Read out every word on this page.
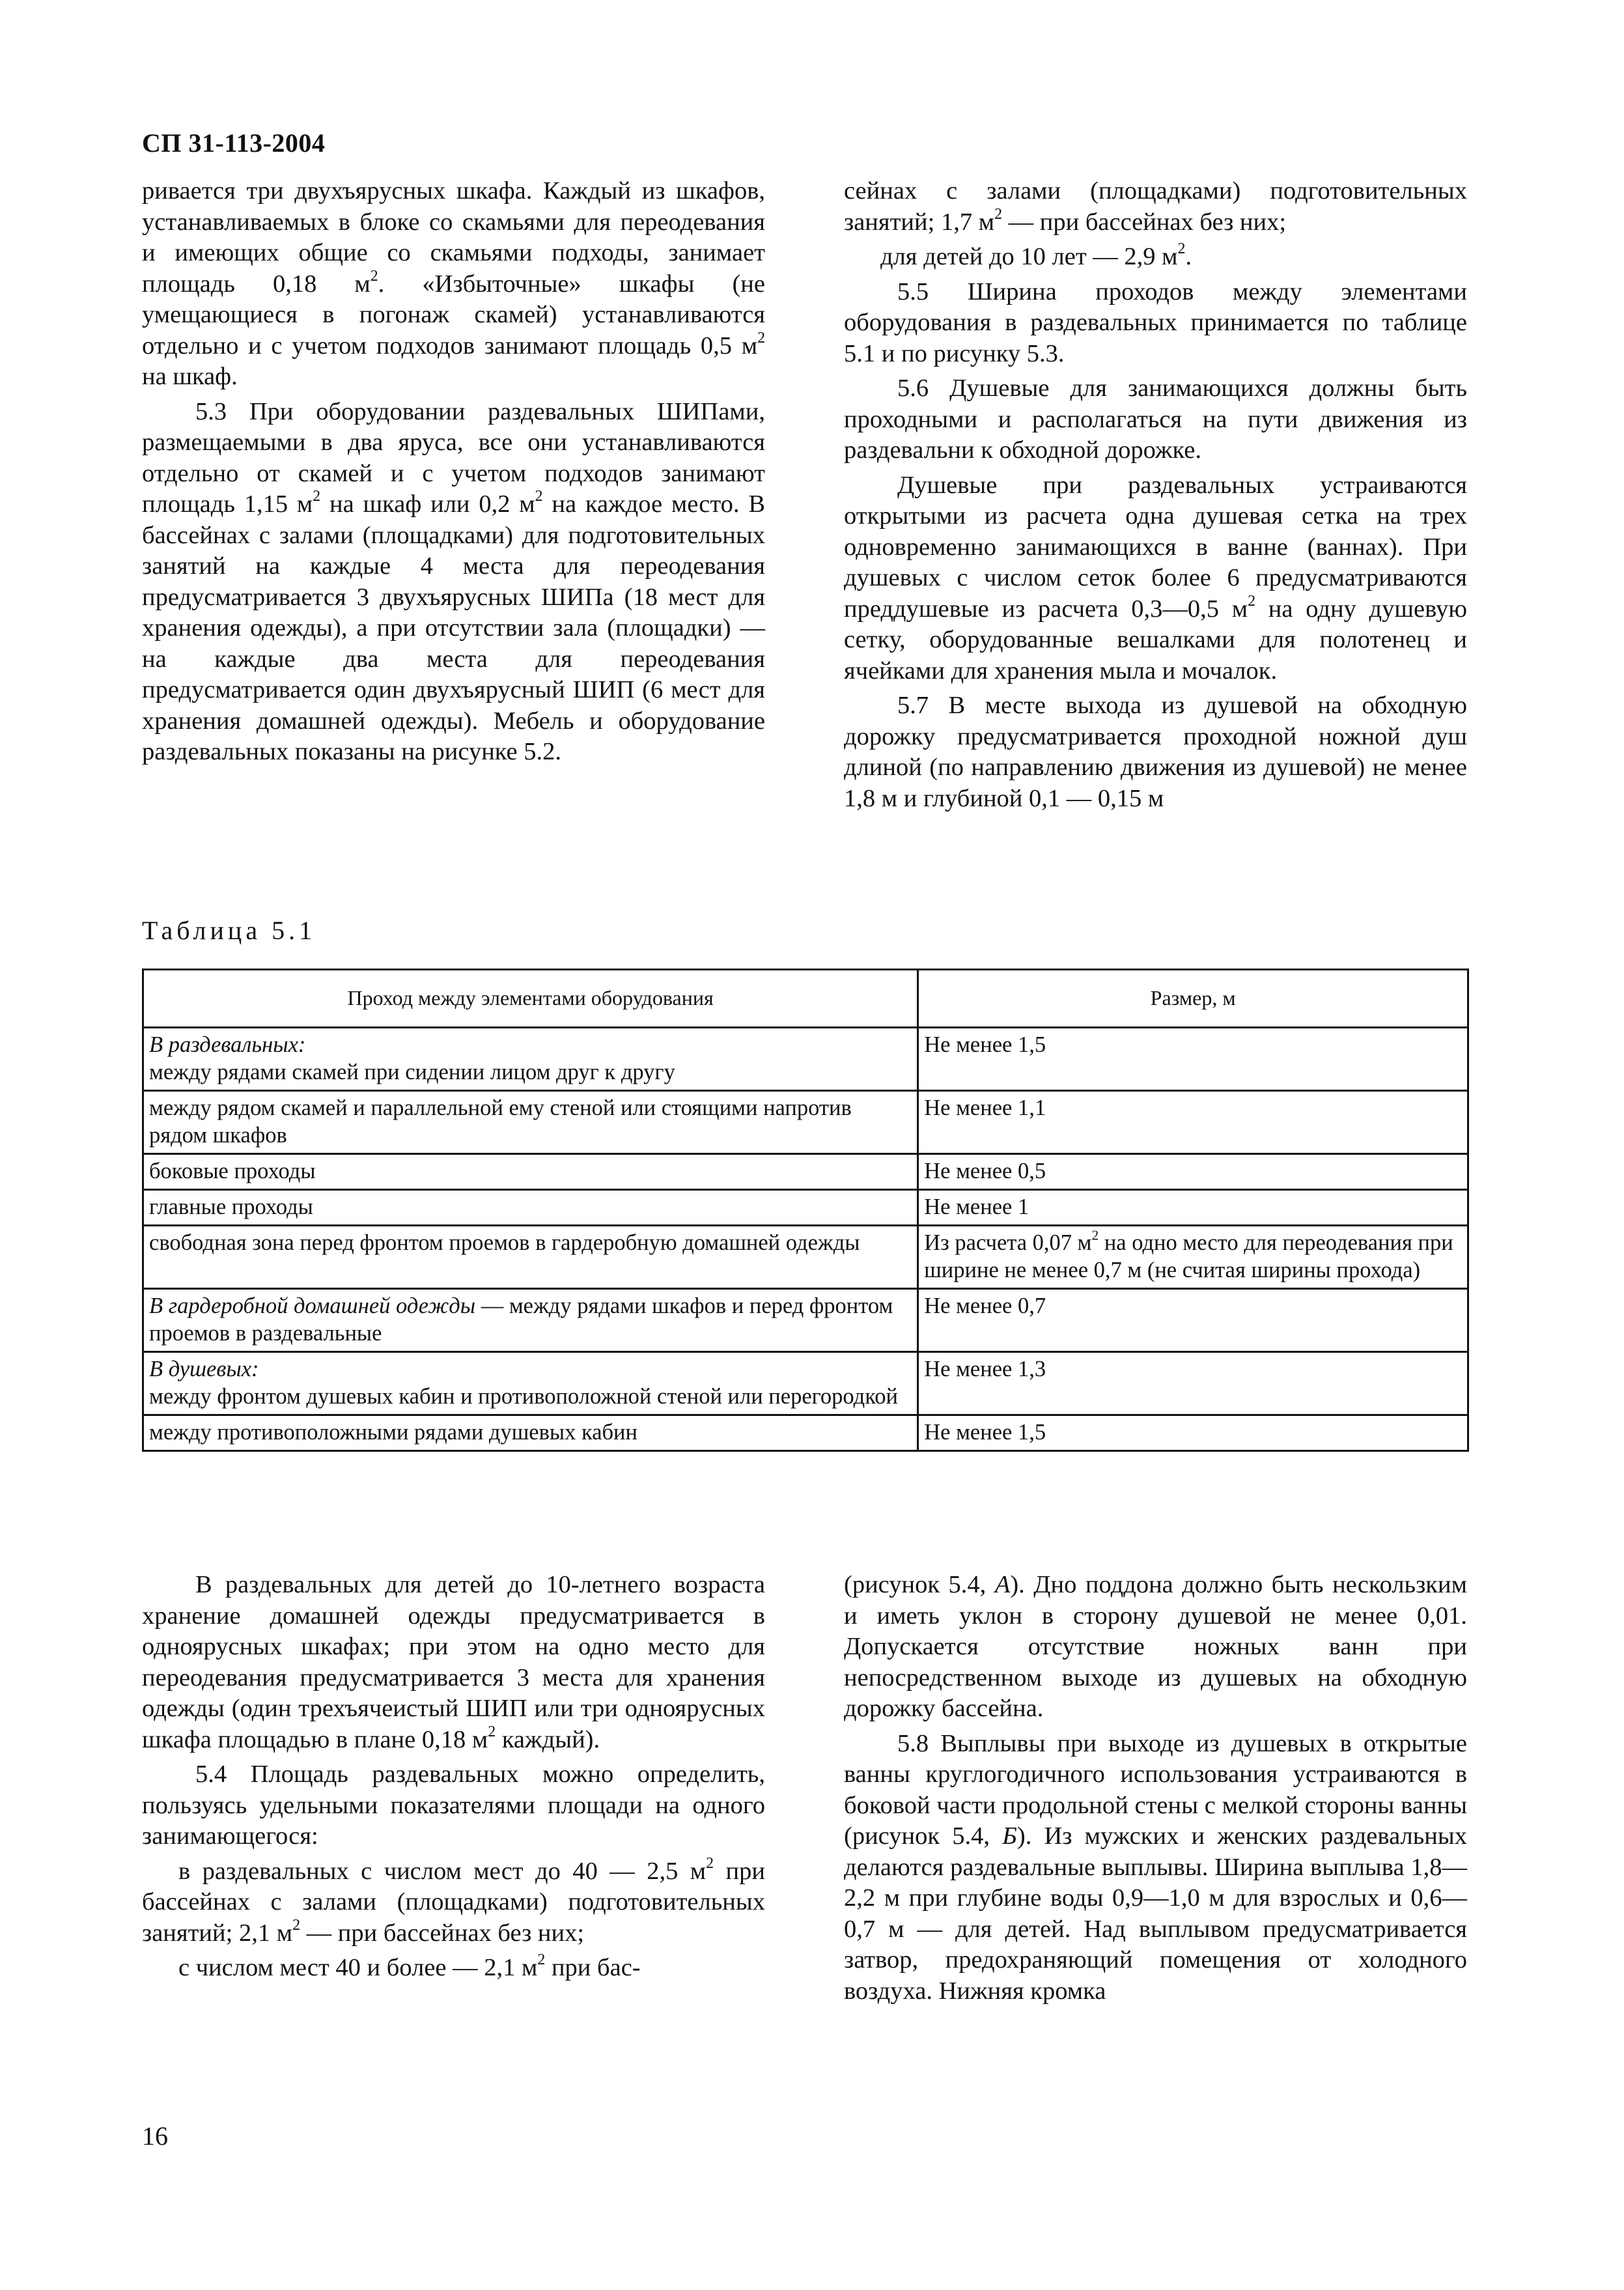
СП 31-113-2004

ривается три двухъярусных шкафа. Каждый из шкафов, устанавливаемых в блоке со скамьями для переодевания и имеющих общие со скамьями подходы, занимает площадь 0,18 $м^2$. «Избыточные» шкафы (не умещающиеся в погонаж скамей) устанавливаются отдельно и с учетом подходов занимают площадь 0,5 $м^2$ на шкаф.

5.3 При оборудовании раздевальных ШИПами, размещаемыми в два яруса, все они устанавливаются отдельно от скамей и с учетом подходов занимают площадь 1,15 $м^2$ на шкаф или 0,2 $м^2$ на каждое место. В бассейнах с залами (площадками) для подготовительных занятий на каждые 4 места для переодевания предусматривается 3 двухъярусных ШИПа (18 мест для хранения одежды), а при отсутствии зала (площадки) — на каждые два места для переодевания предусматривается один двухъярусный ШИП (6 мест для хранения домашней одежды). Мебель и оборудование раздевальных показаны на рисунке 5.2.

сейнах с залами (площадками) подготовительных занятий; 1,7 $м^2$ — при бассейнах без них;

для детей до 10 лет — 2,9 $м^2$.

5.5 Ширина проходов между элементами оборудования в раздевальных принимается по таблице 5.1 и по рисунку 5.3.

5.6 Душевые для занимающихся должны быть проходными и располагаться на пути движения из раздевальни к обходной дорожке.

Душевые при раздевальных устраиваются открытыми из расчета одна душевая сетка на трех одновременно занимающихся в ванне (ваннах). При душевых с числом сеток более 6 предусматриваются преддушевые из расчета 0,3—0,5 $м^2$ на одну душевую сетку, оборудованные вешалками для полотенец и ячейками для хранения мыла и мочалок.

5.7 В месте выхода из душевой на обходную дорожку предусматривается проходной ножной душ длиной (по направлению движения из душевой) не менее 1,8 м и глубиной 0,1 — 0,15 м

Таблица 5.1
Проход между элементами оборудования	Размер, м
В раздевальных:
между рядами скамей при сидении лицом друг к другу	Не менее 1,5
между рядом скамей и параллельной ему стеной или стоящими напротив рядом шкафов	Не менее 1,1
боковые проходы	Не менее 0,5
главные проходы	Не менее 1
свободная зона перед фронтом проемов в гардеробную домашней одежды	Из расчета 0,07 $м^2$ на одно место для переодевания при ширине не менее 0,7 м (не считая ширины прохода)
В гардеробной домашней одежды — между рядами шкафов и перед фронтом проемов в раздевальные	Не менее 0,7
В душевых:
между фронтом душевых кабин и противоположной стеной или перегородкой	Не менее 1,3
между противоположными рядами душевых кабин	Не менее 1,5

В раздевальных для детей до 10-летнего возраста хранение домашней одежды предусматривается в одноярусных шкафах; при этом на одно место для переодевания предусматривается 3 места для хранения одежды (один трехъячеистый ШИП или три одноярусных шкафа площадью в плане 0,18 $м^2$ каждый).

5.4 Площадь раздевальных можно определить, пользуясь удельными показателями площади на одного занимающегося:

в раздевальных с числом мест до 40 — 2,5 $м^2$ при бассейнах с залами (площадками) подготовительных занятий; 2,1 $м^2$ — при бассейнах без них;

с числом мест 40 и более — 2,1 $м^2$ при бас-

(рисунок 5.4, А). Дно поддона должно быть нескользким и иметь уклон в сторону душевой не менее 0,01. Допускается отсутствие ножных ванн при непосредственном выходе из душевых на обходную дорожку бассейна.

5.8 Выплывы при выходе из душевых в открытые ванны круглогодичного использования устраиваются в боковой части продольной стены с мелкой стороны ванны (рисунок 5.4, Б). Из мужских и женских раздевальных делаются раздевальные выплывы. Ширина выплыва 1,8—2,2 м при глубине воды 0,9—1,0 м для взрослых и 0,6—0,7 м — для детей. Над выплывом предусматривается затвор, предохраняющий помещения от холодного воздуха. Нижняя кромка

16
